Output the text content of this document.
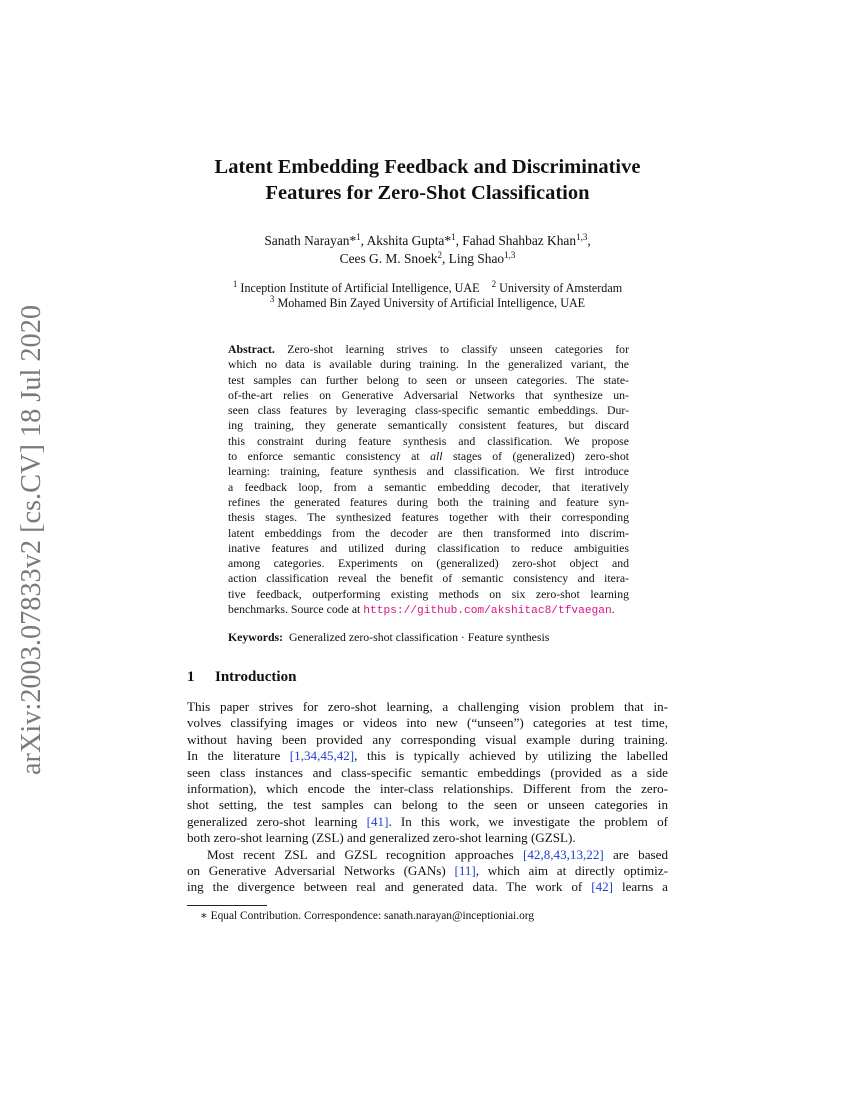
arXiv:2003.07833v2 [cs.CV] 18 Jul 2020
Latent Embedding Feedback and Discriminative
Features for Zero-Shot Classification
Sanath Narayan*$^1$, Akshita Gupta*$^1$, Fahad Shahbaz Khan$^{1,3}$,
Cees G. M. Snoek$^2$, Ling Shao$^{1,3}$
$^1$ Inception Institute of Artificial Intelligence, UAE $^2$ University of Amsterdam
$^3$ Mohamed Bin Zayed University of Artificial Intelligence, UAE
Abstract. Zero-shot learning strives to classify unseen categories for
which no data is available during training. In the generalized variant, the
test samples can further belong to seen or unseen categories. The state-
of-the-art relies on Generative Adversarial Networks that synthesize un-
seen class features by leveraging class-specific semantic embeddings. Dur-
ing training, they generate semantically consistent features, but discard
this constraint during feature synthesis and classification. We propose
to enforce semantic consistency at all stages of (generalized) zero-shot
learning: training, feature synthesis and classification. We first introduce
a feedback loop, from a semantic embedding decoder, that iteratively
refines the generated features during both the training and feature syn-
thesis stages. The synthesized features together with their corresponding
latent embeddings from the decoder are then transformed into discrim-
inative features and utilized during classification to reduce ambiguities
among categories. Experiments on (generalized) zero-shot object and
action classification reveal the benefit of semantic consistency and itera-
tive feedback, outperforming existing methods on six zero-shot learning
benchmarks. Source code at https://github.com/akshitac8/tfvaegan.
Keywords: Generalized zero-shot classification · Feature synthesis
1 Introduction
This paper strives for zero-shot learning, a challenging vision problem that in-
volves classifying images or videos into new (“unseen”) categories at test time,
without having been provided any corresponding visual example during training.
In the literature [1,34,45,42], this is typically achieved by utilizing the labelled
seen class instances and class-specific semantic embeddings (provided as a side
information), which encode the inter-class relationships. Different from the zero-
shot setting, the test samples can belong to the seen or unseen categories in
generalized zero-shot learning [41]. In this work, we investigate the problem of
both zero-shot learning (ZSL) and generalized zero-shot learning (GZSL).
Most recent ZSL and GZSL recognition approaches [42,8,43,13,22] are based
on Generative Adversarial Networks (GANs) [11], which aim at directly optimiz-
ing the divergence between real and generated data. The work of [42] learns a
∗ Equal Contribution. Correspondence: sanath.narayan@inceptioniai.org
